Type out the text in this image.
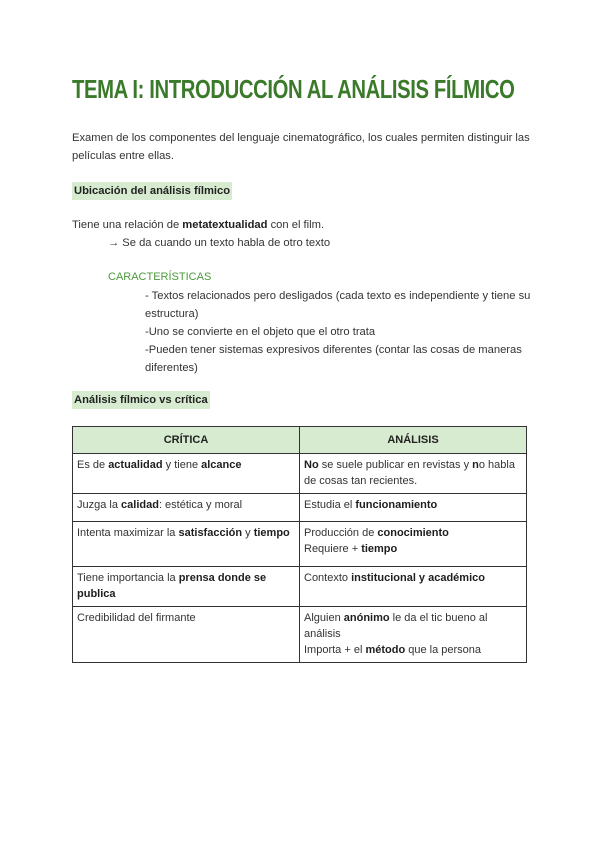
TEMA I: INTRODUCCIÓN AL ANÁLISIS FÍLMICO
Examen de los componentes del lenguaje cinematográfico, los cuales permiten distinguir las películas entre ellas.
Ubicación del análisis fílmico
Tiene una relación de metatextualidad con el film.
→ Se da cuando un texto habla de otro texto
CARACTERÍSTICAS
- Textos relacionados pero desligados (cada texto es independiente y tiene su estructura)
-Uno se convierte en el objeto que el otro trata
-Pueden tener sistemas expresivos diferentes (contar las cosas de maneras diferentes)
Análisis fílmico vs crítica
CRÍTICA	ANÁLISIS
Es de actualidad y tiene alcance	No se suele publicar en revistas y no habla de cosas tan recientes.
Juzga la calidad: estética y moral	Estudia el funcionamiento
Intenta maximizar la satisfacción y tiempo	Producción de conocimiento
Requiere + tiempo
Tiene importancia la prensa donde se publica	Contexto institucional y académico
Credibilidad del firmante	Alguien anónimo le da el tic bueno al análisis
Importa + el método que la persona
